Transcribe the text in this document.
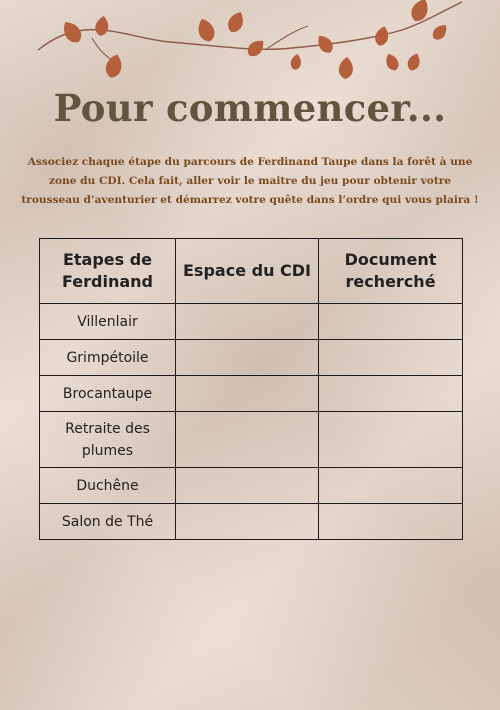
Pour commencer...
Associez chaque étape du parcours de Ferdinand Taupe dans la forêt à une zone du CDI. Cela fait, aller voir le maitre du jeu pour obtenir votre trousseau d’aventurier et démarrez votre quête dans l’ordre qui vous plaira !
Etapes de Ferdinand	Espace du CDI	Document recherché
Villenlair		
Grimpétoile		
Brocantaupe		
Retraite des plumes		
Duchêne		
Salon de Thé		
